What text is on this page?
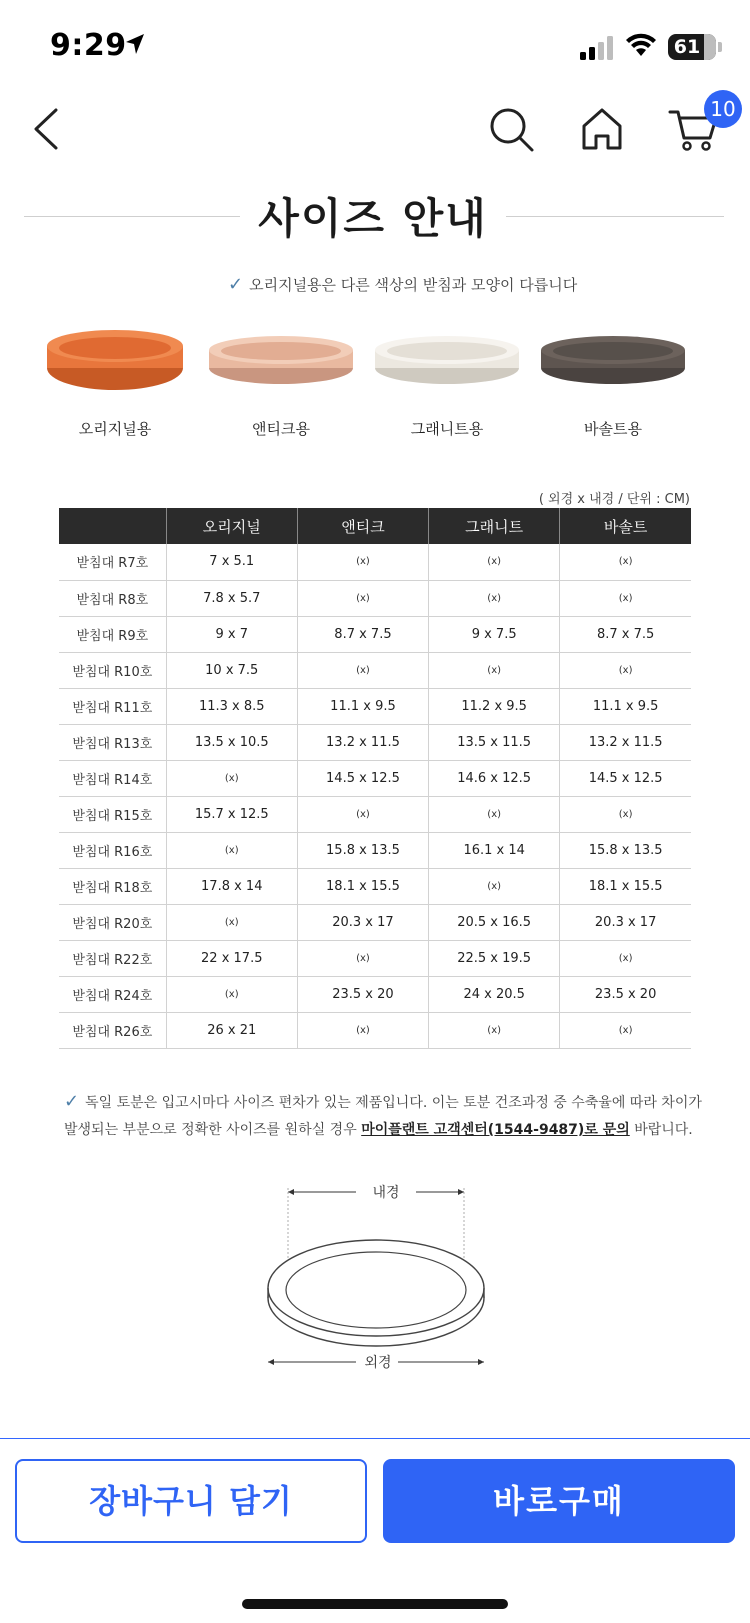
9:29	61
10
사이즈 안내
✓ 오리지널용은 다른 색상의 받침과 모양이 다릅니다
오리지널용	앤티크용	그래니트용	바솔트용
( 외경 x 내경 / 단위 : CM)
	오리지널	앤티크	그래니트	바솔트
받침대 R7호	7 x 5.1	(x)	(x)	(x)
받침대 R8호	7.8 x 5.7	(x)	(x)	(x)
받침대 R9호	9 x 7	8.7 x 7.5	9 x 7.5	8.7 x 7.5
받침대 R10호	10 x 7.5	(x)	(x)	(x)
받침대 R11호	11.3 x 8.5	11.1 x 9.5	11.2 x 9.5	11.1 x 9.5
받침대 R13호	13.5 x 10.5	13.2 x 11.5	13.5 x 11.5	13.2 x 11.5
받침대 R14호	(x)	14.5 x 12.5	14.6 x 12.5	14.5 x 12.5
받침대 R15호	15.7 x 12.5	(x)	(x)	(x)
받침대 R16호	(x)	15.8 x 13.5	16.1 x 14	15.8 x 13.5
받침대 R18호	17.8 x 14	18.1 x 15.5	(x)	18.1 x 15.5
받침대 R20호	(x)	20.3 x 17	20.5 x 16.5	20.3 x 17
받침대 R22호	22 x 17.5	(x)	22.5 x 19.5	(x)
받침대 R24호	(x)	23.5 x 20	24 x 20.5	23.5 x 20
받침대 R26호	26 x 21	(x)	(x)	(x)
✓ 독일 토분은 입고시마다 사이즈 편차가 있는 제품입니다. 이는 토분 건조과정 중 수축율에 따라 차이가 발생되는 부분으로 정확한 사이즈를 원하실 경우 마이플랜트 고객센터(1544-9487)로 문의 바랍니다.
내경
외경
장바구니 담기	바로구매
